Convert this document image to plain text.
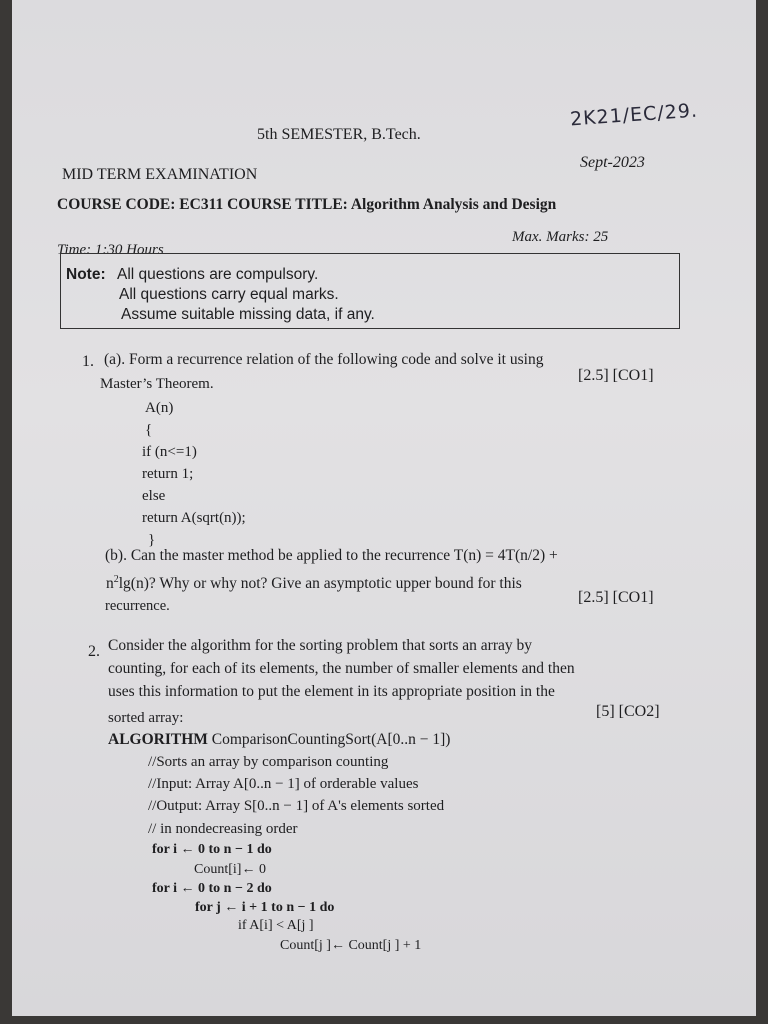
2K21/EC/29.
5th SEMESTER, B.Tech.
MID TERM EXAMINATION
Sept-2023
COURSE CODE: EC311 COURSE TITLE: Algorithm Analysis and Design
Time: 1:30 Hours
Max. Marks: 25
Note: All questions are compulsory.
All questions carry equal marks.
Assume suitable missing data, if any.
1. (a). Form a recurrence relation of the following code and solve it using
Master’s Theorem.	[2.5] [CO1]
A(n)
{
if (n<=1)
return 1;
else
return A(sqrt(n));
}
(b). Can the master method be applied to the recurrence T(n) = 4T(n/2) +
$n^2\lg(n)$? Why or why not? Give an asymptotic upper bound for this
recurrence.	[2.5] [CO1]
2. Consider the algorithm for the sorting problem that sorts an array by
counting, for each of its elements, the number of smaller elements and then
uses this information to put the element in its appropriate position in the
sorted array:	[5] [CO2]
ALGORITHM ComparisonCountingSort(A[0..n − 1])
//Sorts an array by comparison counting
//Input: Array A[0..n − 1] of orderable values
//Output: Array S[0..n − 1] of A's elements sorted
// in nondecreasing order
for i ← 0 to n − 1 do
Count[i]← 0
for i ← 0 to n − 2 do
for j ← i + 1 to n − 1 do
if A[i] < A[j ]
Count[j ]← Count[j ] + 1
